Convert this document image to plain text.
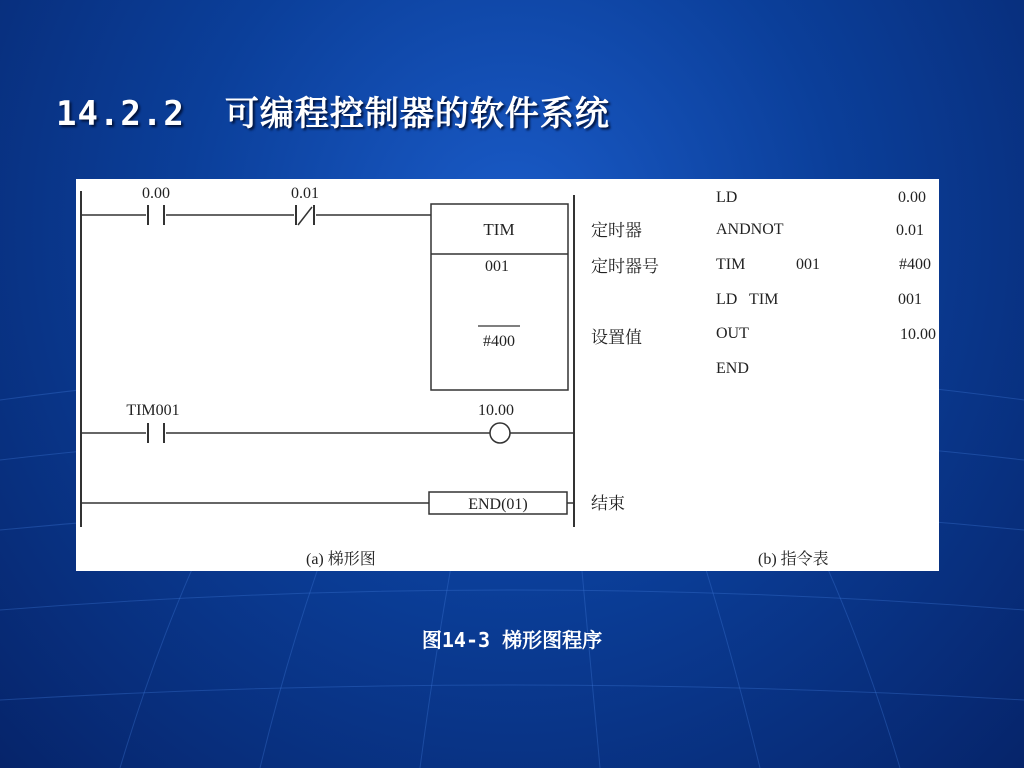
14.2.2 可编程控制器的软件系统
0.00	0.01
TIM
001
#400
TIM001	10.00
END(01)
定时器
定时器号
设置值
结束
(a) 梯形图	(b) 指令表
LD	0.00
ANDNOT	0.01
TIM	001	#400
LD   TIM	001
OUT	10.00
END
图14-3 梯形图程序
